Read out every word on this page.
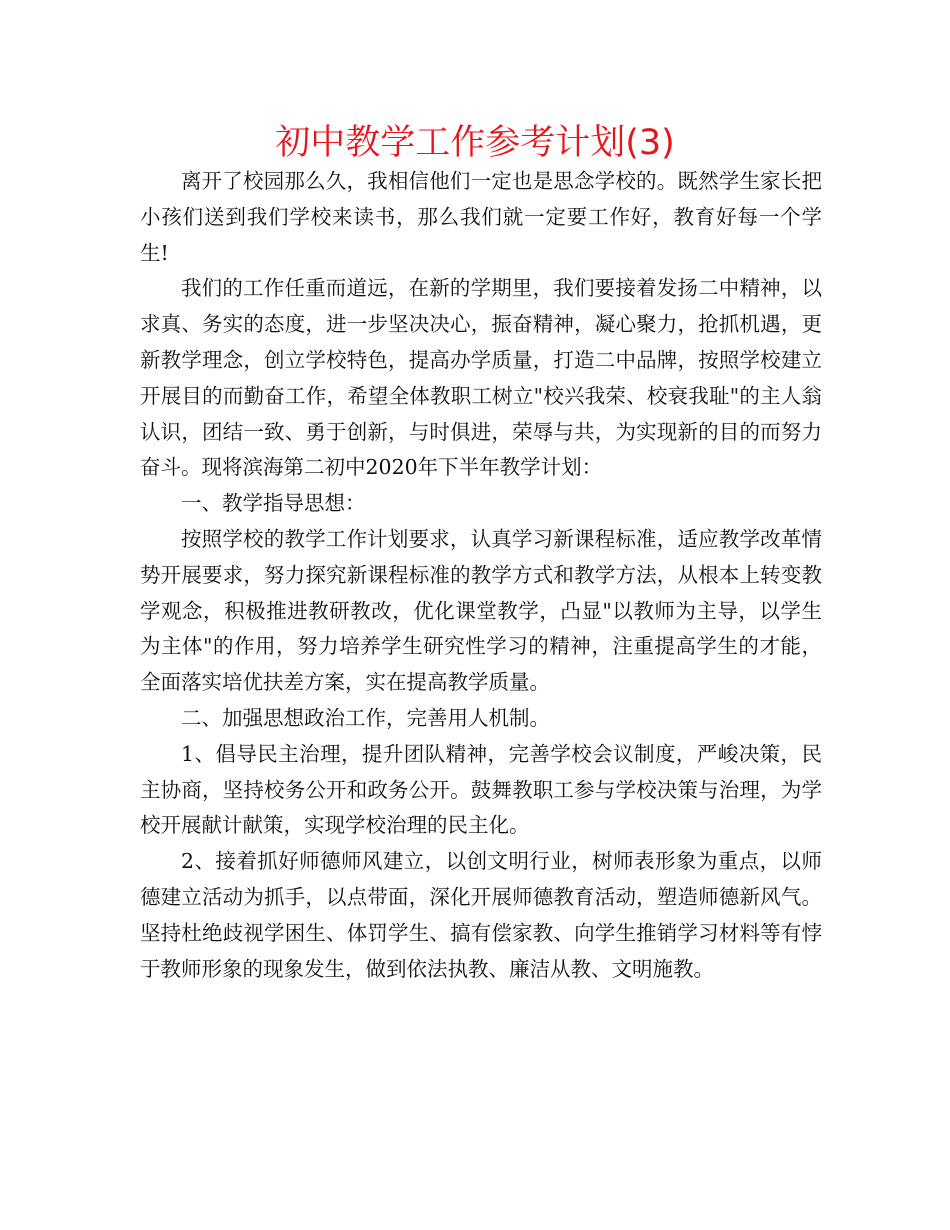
初中教学工作参考计划(3)

离开了校园那么久，我相信他们一定也是思念学校的。既然学生家长把小孩们送到我们学校来读书，那么我们就一定要工作好，教育好每一个学生!

我们的工作任重而道远，在新的学期里，我们要接着发扬二中精神，以求真、务实的态度，进一步坚决决心，振奋精神，凝心聚力，抢抓机遇，更新教学理念，创立学校特色，提高办学质量，打造二中品牌，按照学校建立开展目的而勤奋工作，希望全体教职工树立"校兴我荣、校衰我耻"的主人翁认识，团结一致、勇于创新，与时俱进，荣辱与共，为实现新的目的而努力奋斗。现将滨海第二初中2020年下半年教学计划：

一、教学指导思想：

按照学校的教学工作计划要求，认真学习新课程标准，适应教学改革情势开展要求，努力探究新课程标准的教学方式和教学方法，从根本上转变教学观念，积极推进教研教改，优化课堂教学，凸显"以教师为主导，以学生为主体"的作用，努力培养学生研究性学习的精神，注重提高学生的才能，全面落实培优扶差方案，实在提高教学质量。

二、加强思想政治工作，完善用人机制。

1、倡导民主治理，提升团队精神，完善学校会议制度，严峻决策，民主协商，坚持校务公开和政务公开。鼓舞教职工参与学校决策与治理，为学校开展献计献策，实现学校治理的民主化。

2、接着抓好师德师风建立，以创文明行业，树师表形象为重点，以师德建立活动为抓手，以点带面，深化开展师德教育活动，塑造师德新风气。坚持杜绝歧视学困生、体罚学生、搞有偿家教、向学生推销学习材料等有悖于教师形象的现象发生，做到依法执教、廉洁从教、文明施教。
